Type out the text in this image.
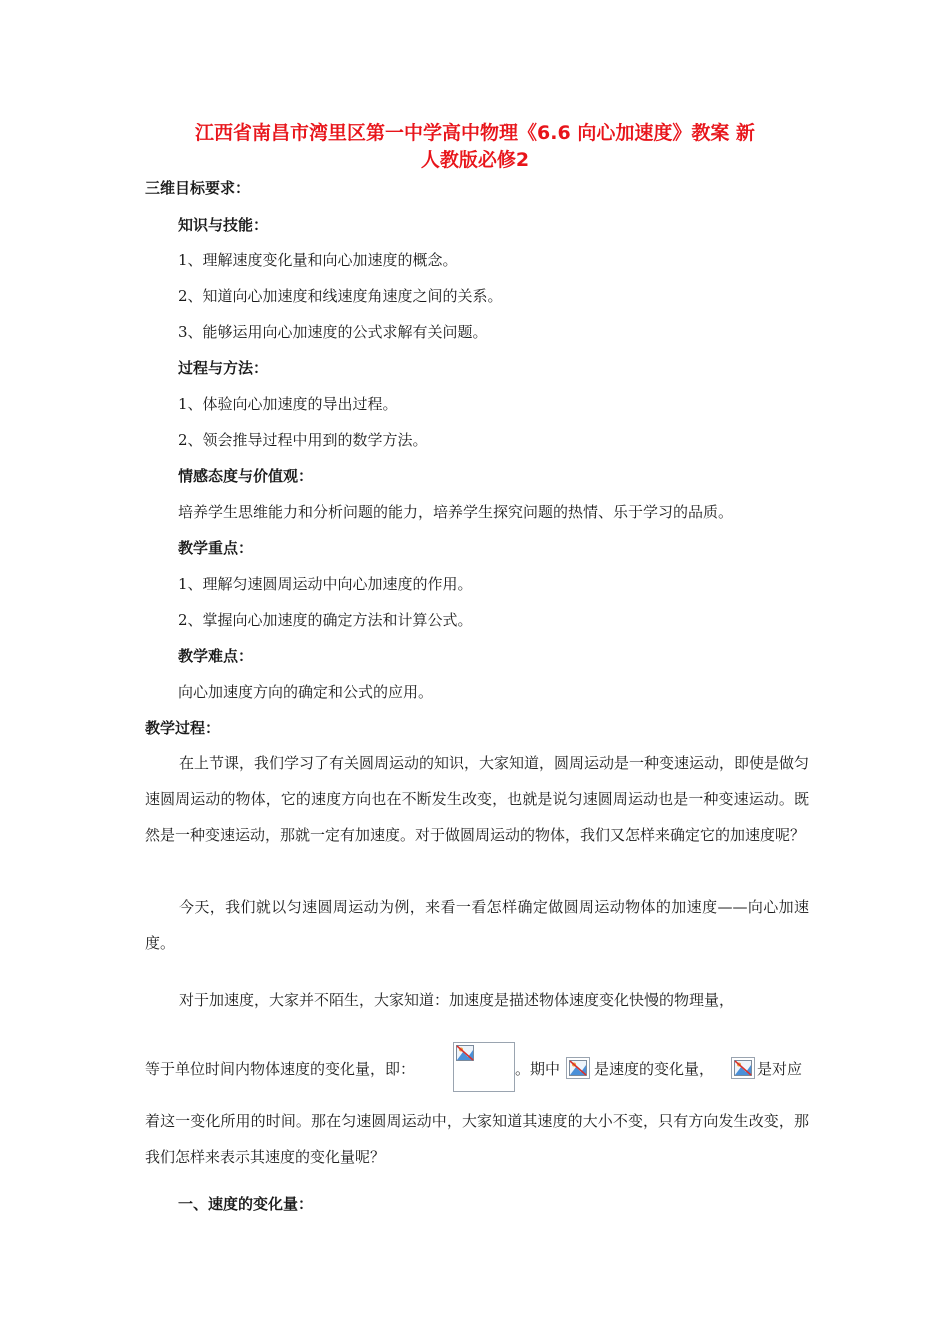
江西省南昌市湾里区第一中学高中物理《6.6 向心加速度》教案 新
人教版必修2
三维目标要求：
知识与技能：
1、理解速度变化量和向心加速度的概念。
2、知道向心加速度和线速度角速度之间的关系。
3、能够运用向心加速度的公式求解有关问题。
过程与方法：
1、体验向心加速度的导出过程。
2、领会推导过程中用到的数学方法。
情感态度与价值观：
培养学生思维能力和分析问题的能力，培养学生探究问题的热情、乐于学习的品质。
教学重点：
1、理解匀速圆周运动中向心加速度的作用。
2、掌握向心加速度的确定方法和计算公式。
教学难点：
向心加速度方向的确定和公式的应用。
教学过程：
在上节课，我们学习了有关圆周运动的知识，大家知道，圆周运动是一种变速运动，即使是做匀速圆周运动的物体，它的速度方向也在不断发生改变，也就是说匀速圆周运动也是一种变速运动。既然是一种变速运动，那就一定有加速度。对于做圆周运动的物体，我们又怎样来确定它的加速度呢？
今天，我们就以匀速圆周运动为例，来看一看怎样确定做圆周运动物体的加速度——向心加速度。
对于加速度，大家并不陌生，大家知道：加速度是描述物体速度变化快慢的物理量，
等于单位时间内物体速度的变化量，即：	。期中 是速度的变化量，	是对应
着这一变化所用的时间。那在匀速圆周运动中，大家知道其速度的大小不变，只有方向发生改变，那我们怎样来表示其速度的变化量呢？
一、速度的变化量：
